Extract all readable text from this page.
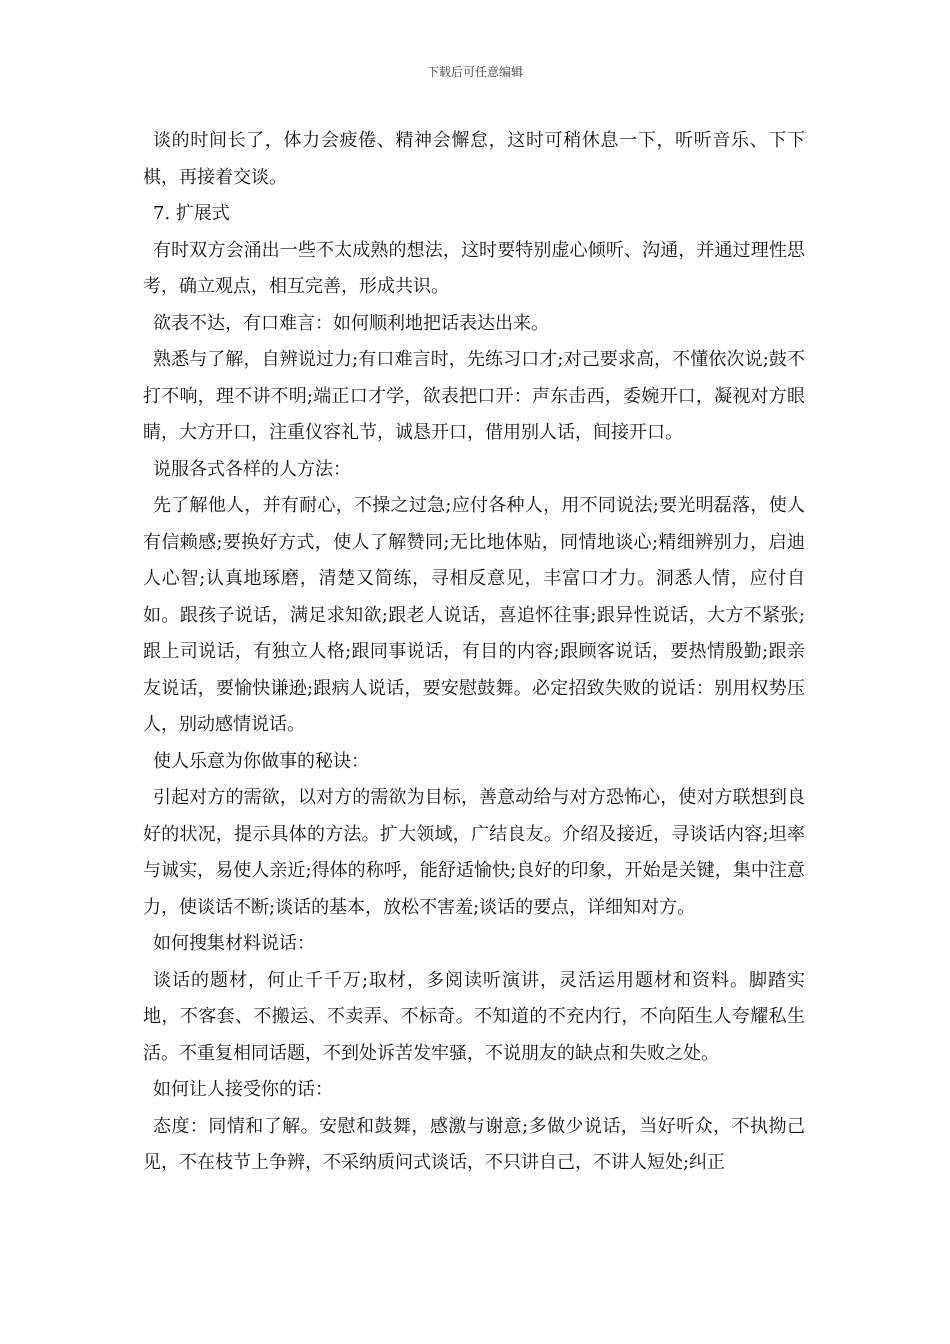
下载后可任意编辑

谈的时间长了，体力会疲倦、精神会懈怠，这时可稍休息一下，听听音乐、下下棋，再接着交谈。

7. 扩展式

有时双方会涌出一些不太成熟的想法，这时要特别虚心倾听、沟通，并通过理性思考，确立观点，相互完善，形成共识。

欲表不达，有口难言：如何顺利地把话表达出来。

熟悉与了解，自辨说过力;有口难言时，先练习口才;对己要求高，不懂依次说;鼓不打不响，理不讲不明;端正口才学，欲表把口开：声东击西，委婉开口，凝视对方眼睛，大方开口，注重仪容礼节，诚恳开口，借用别人话，间接开口。

说服各式各样的人方法：

先了解他人，并有耐心，不操之过急;应付各种人，用不同说法;要光明磊落，使人有信赖感;要换好方式，使人了解赞同;无比地体贴，同情地谈心;精细辨别力，启迪人心智;认真地琢磨，清楚又简练，寻相反意见，丰富口才力。洞悉人情，应付自如。跟孩子说话，满足求知欲;跟老人说话，喜追怀往事;跟异性说话，大方不紧张;跟上司说话，有独立人格;跟同事说话，有目的内容;跟顾客说话，要热情殷勤;跟亲友说话，要愉快谦逊;跟病人说话，要安慰鼓舞。必定招致失败的说话：别用权势压人，别动感情说话。

使人乐意为你做事的秘诀：

引起对方的需欲，以对方的需欲为目标，善意动给与对方恐怖心，使对方联想到良好的状况，提示具体的方法。扩大领域，广结良友。介绍及接近，寻谈话内容;坦率与诚实，易使人亲近;得体的称呼，能舒适愉快;良好的印象，开始是关键，集中注意力，使谈话不断;谈话的基本，放松不害羞;谈话的要点，详细知对方。

如何搜集材料说话：

谈话的题材，何止千千万;取材，多阅读听演讲，灵活运用题材和资料。脚踏实地，不客套、不搬运、不卖弄、不标奇。不知道的不充内行，不向陌生人夸耀私生活。不重复相同话题，不到处诉苦发牢骚，不说朋友的缺点和失败之处。

如何让人接受你的话：

态度：同情和了解。安慰和鼓舞，感激与谢意;多做少说话，当好听众，不执拗己见，不在枝节上争辨，不采纳质问式谈话，不只讲自己，不讲人短处;纠正
